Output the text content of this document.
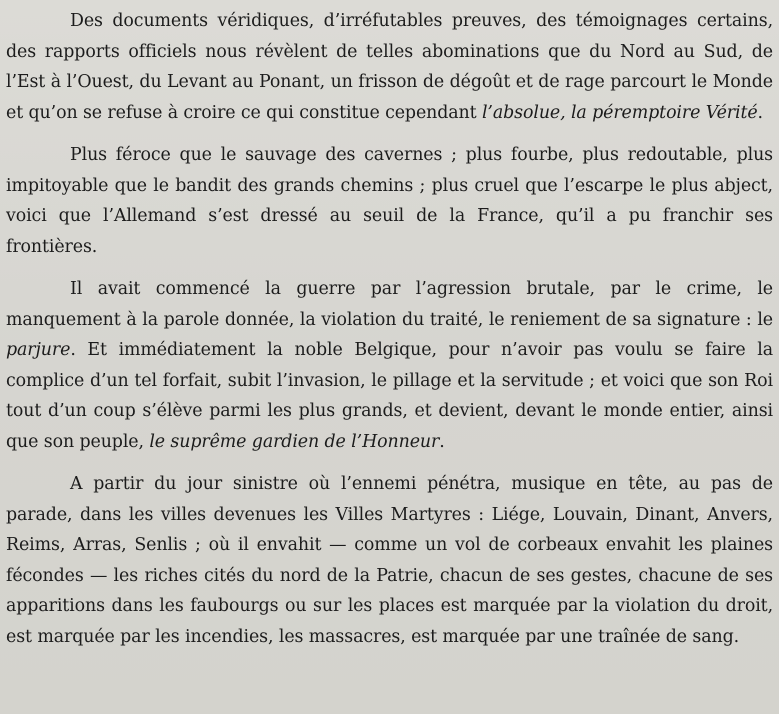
Des documents véridiques, d’irréfutables preuves, des témoignages certains, des rapports officiels nous révèlent de telles abominations que du Nord au Sud, de l’Est à l’Ouest, du Levant au Ponant, un frisson de dégoût et de rage parcourt le Monde et qu’on se refuse à croire ce qui constitue cependant l’absolue, la péremptoire Vérité.

Plus féroce que le sauvage des cavernes ; plus fourbe, plus redoutable, plus impitoyable que le bandit des grands chemins ; plus cruel que l’escarpe le plus abject, voici que l’Allemand s’est dressé au seuil de la France, qu’il a pu franchir ses frontières.

Il avait commencé la guerre par l’agression brutale, par le crime, le manquement à la parole donnée, la violation du traité, le reniement de sa signature : le parjure. Et immédiatement la noble Belgique, pour n’avoir pas voulu se faire la complice d’un tel forfait, subit l’invasion, le pillage et la servitude ; et voici que son Roi tout d’un coup s’élève parmi les plus grands, et devient, devant le monde entier, ainsi que son peuple, le suprême gardien de l’Honneur.

A partir du jour sinistre où l’ennemi pénétra, musique en tête, au pas de parade, dans les villes devenues les Villes Martyres : Liége, Louvain, Dinant, Anvers, Reims, Arras, Senlis ; où il envahit — comme un vol de corbeaux envahit les plaines fécondes — les riches cités du nord de la Patrie, chacun de ses gestes, chacune de ses apparitions dans les faubourgs ou sur les places est marquée par la violation du droit, est marquée par les incendies, les massacres, est marquée par une traînée de sang.
